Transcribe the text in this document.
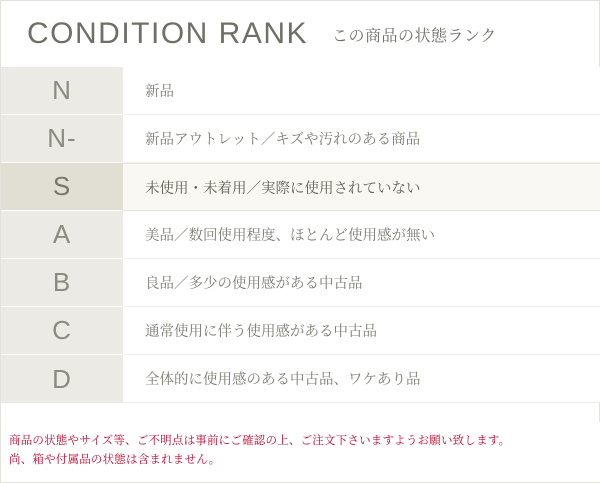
CONDITION RANK この商品の状態ランク
N	新品
N-	新品アウトレット／キズや汚れのある商品
S	未使用・未着用／実際に使用されていない
A	美品／数回使用程度、ほとんど使用感が無い
B	良品／多少の使用感がある中古品
C	通常使用に伴う使用感がある中古品
D	全体的に使用感のある中古品、ワケあり品
商品の状態やサイズ等、ご不明点は事前にご確認の上、ご注文下さいますようお願い致します。
尚、箱や付属品の状態は含まれません。
